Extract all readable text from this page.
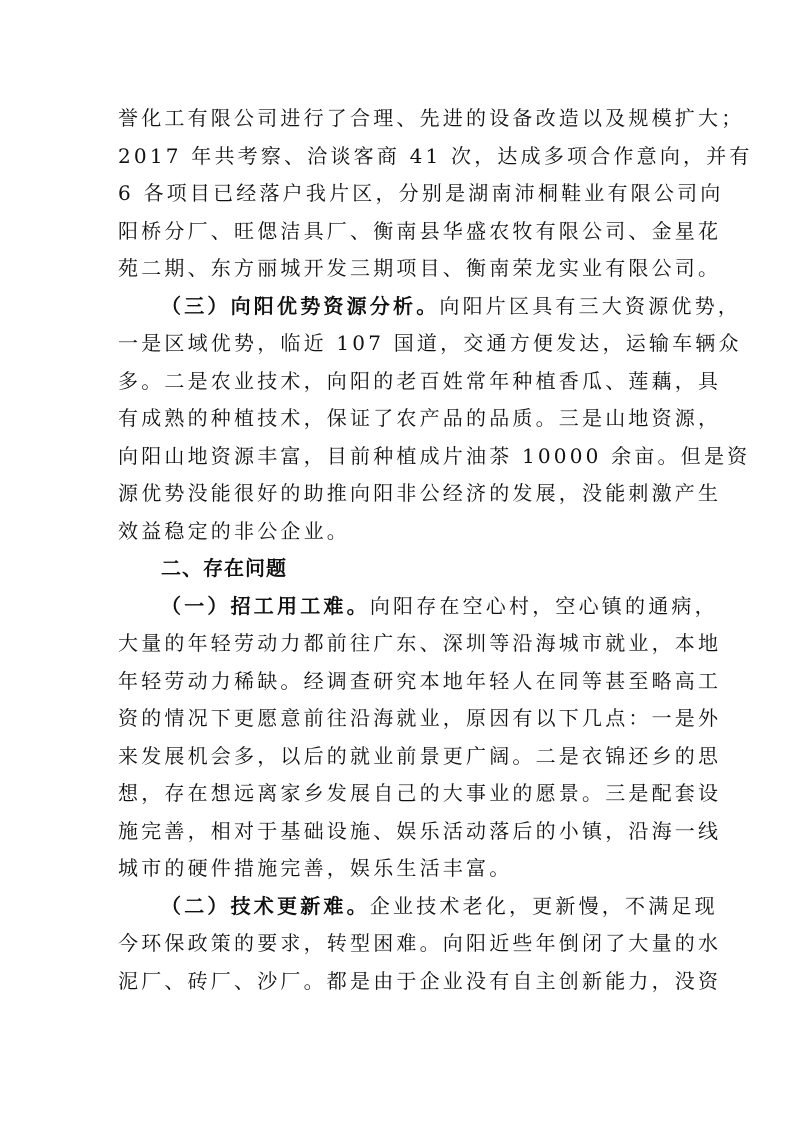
誉化工有限公司进行了合理、先进的设备改造以及规模扩大；
2017 年共考察、洽谈客商 41 次，达成多项合作意向，并有
6 各项目已经落户我片区，分别是湖南沛桐鞋业有限公司向
阳桥分厂、旺偲洁具厂、衡南县华盛农牧有限公司、金星花
苑二期、东方丽城开发三期项目、衡南荣龙实业有限公司。
（三）向阳优势资源分析。向阳片区具有三大资源优势，
一是区域优势，临近 107 国道，交通方便发达，运输车辆众
多。二是农业技术，向阳的老百姓常年种植香瓜、莲藕，具
有成熟的种植技术，保证了农产品的品质。三是山地资源，
向阳山地资源丰富，目前种植成片油茶 10000 余亩。但是资
源优势没能很好的助推向阳非公经济的发展，没能刺激产生
效益稳定的非公企业。
二、存在问题
（一）招工用工难。向阳存在空心村，空心镇的通病，
大量的年轻劳动力都前往广东、深圳等沿海城市就业，本地
年轻劳动力稀缺。经调查研究本地年轻人在同等甚至略高工
资的情况下更愿意前往沿海就业，原因有以下几点：一是外
来发展机会多，以后的就业前景更广阔。二是衣锦还乡的思
想，存在想远离家乡发展自己的大事业的愿景。三是配套设
施完善，相对于基础设施、娱乐活动落后的小镇，沿海一线
城市的硬件措施完善，娱乐生活丰富。
（二）技术更新难。企业技术老化，更新慢，不满足现
今环保政策的要求，转型困难。向阳近些年倒闭了大量的水
泥厂、砖厂、沙厂。都是由于企业没有自主创新能力，没资
